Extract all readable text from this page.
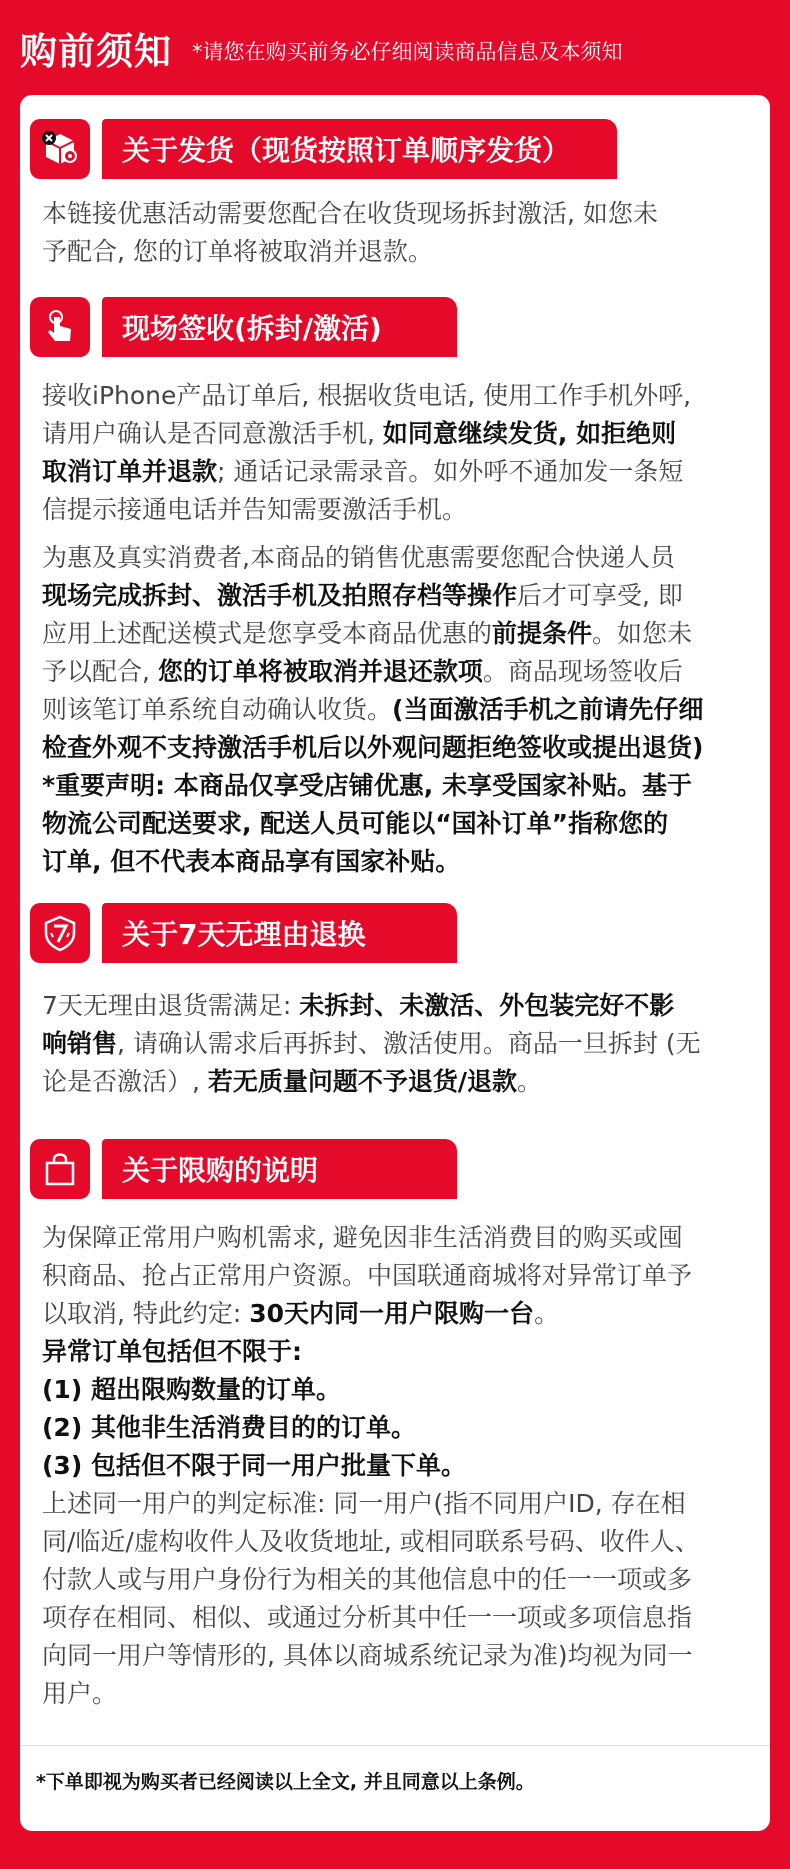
购前须知 *请您在购买前务必仔细阅读商品信息及本须知
关于发货（现货按照订单顺序发货）
本链接优惠活动需要您配合在收货现场拆封激活, 如您未
予配合, 您的订单将被取消并退款。
现场签收(拆封/激活)
接收iPhone产品订单后, 根据收货电话, 使用工作手机外呼,
请用户确认是否同意激活手机, 如同意继续发货, 如拒绝则
取消订单并退款; 通话记录需录音。如外呼不通加发一条短
信提示接通电话并告知需要激活手机。
为惠及真实消费者,本商品的销售优惠需要您配合快递人员
现场完成拆封、激活手机及拍照存档等操作后才可享受, 即
应用上述配送模式是您享受本商品优惠的前提条件。如您未
予以配合, 您的订单将被取消并退还款项。商品现场签收后
则该笔订单系统自动确认收货。(当面激活手机之前请先仔细
检查外观不支持激活手机后以外观问题拒绝签收或提出退货)
*重要声明: 本商品仅享受店铺优惠, 未享受国家补贴。基于
物流公司配送要求, 配送人员可能以“国补订单”指称您的
订单, 但不代表本商品享有国家补贴。
关于7天无理由退换
7天无理由退货需满足: 未拆封、未激活、外包装完好不影
响销售, 请确认需求后再拆封、激活使用。商品一旦拆封 (无
论是否激活）, 若无质量问题不予退货/退款。
关于限购的说明
为保障正常用户购机需求, 避免因非生活消费目的购买或囤
积商品、抢占正常用户资源。中国联通商城将对异常订单予
以取消, 特此约定: 30天内同一用户限购一台。
异常订单包括但不限于:
(1) 超出限购数量的订单。
(2) 其他非生活消费目的的订单。
(3) 包括但不限于同一用户批量下单。
上述同一用户的判定标准: 同一用户(指不同用户ID, 存在相
同/临近/虚构收件人及收货地址, 或相同联系号码、收件人、
付款人或与用户身份行为相关的其他信息中的任一一项或多
项存在相同、相似、或通过分析其中任一一项或多项信息指
向同一用户等情形的, 具体以商城系统记录为准)均视为同一
用户。
*下单即视为购买者已经阅读以上全文, 并且同意以上条例。
